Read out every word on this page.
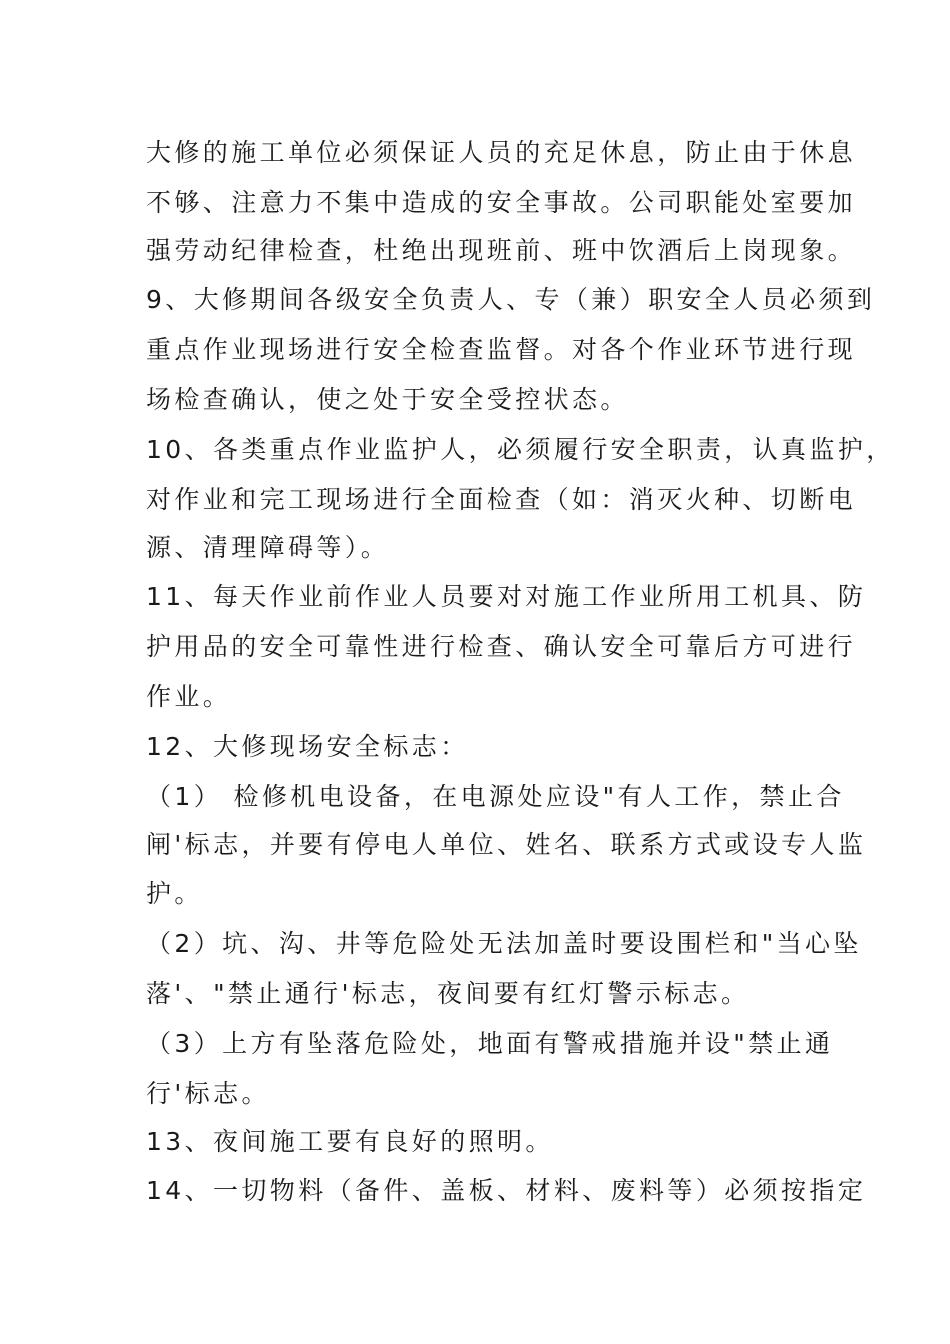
大修的施工单位必须保证人员的充足休息，防止由于休息
不够、注意力不集中造成的安全事故。公司职能处室要加
强劳动纪律检查，杜绝出现班前、班中饮酒后上岗现象。
9、大修期间各级安全负责人、专（兼）职安全人员必须到
重点作业现场进行安全检查监督。对各个作业环节进行现
场检查确认，使之处于安全受控状态。
10、各类重点作业监护人，必须履行安全职责，认真监护，
对作业和完工现场进行全面检查（如：消灭火种、切断电
源、清理障碍等）。
11、每天作业前作业人员要对对施工作业所用工机具、防
护用品的安全可靠性进行检查、确认安全可靠后方可进行
作业。
12、大修现场安全标志：
（1） 检修机电设备，在电源处应设"有人工作，禁止合
闸'标志，并要有停电人单位、姓名、联系方式或设专人监
护。
（2）坑、沟、井等危险处无法加盖时要设围栏和"当心坠
落'、"禁止通行'标志，夜间要有红灯警示标志。
（3）上方有坠落危险处，地面有警戒措施并设"禁止通
行'标志。
13、夜间施工要有良好的照明。
14、一切物料（备件、盖板、材料、废料等）必须按指定
